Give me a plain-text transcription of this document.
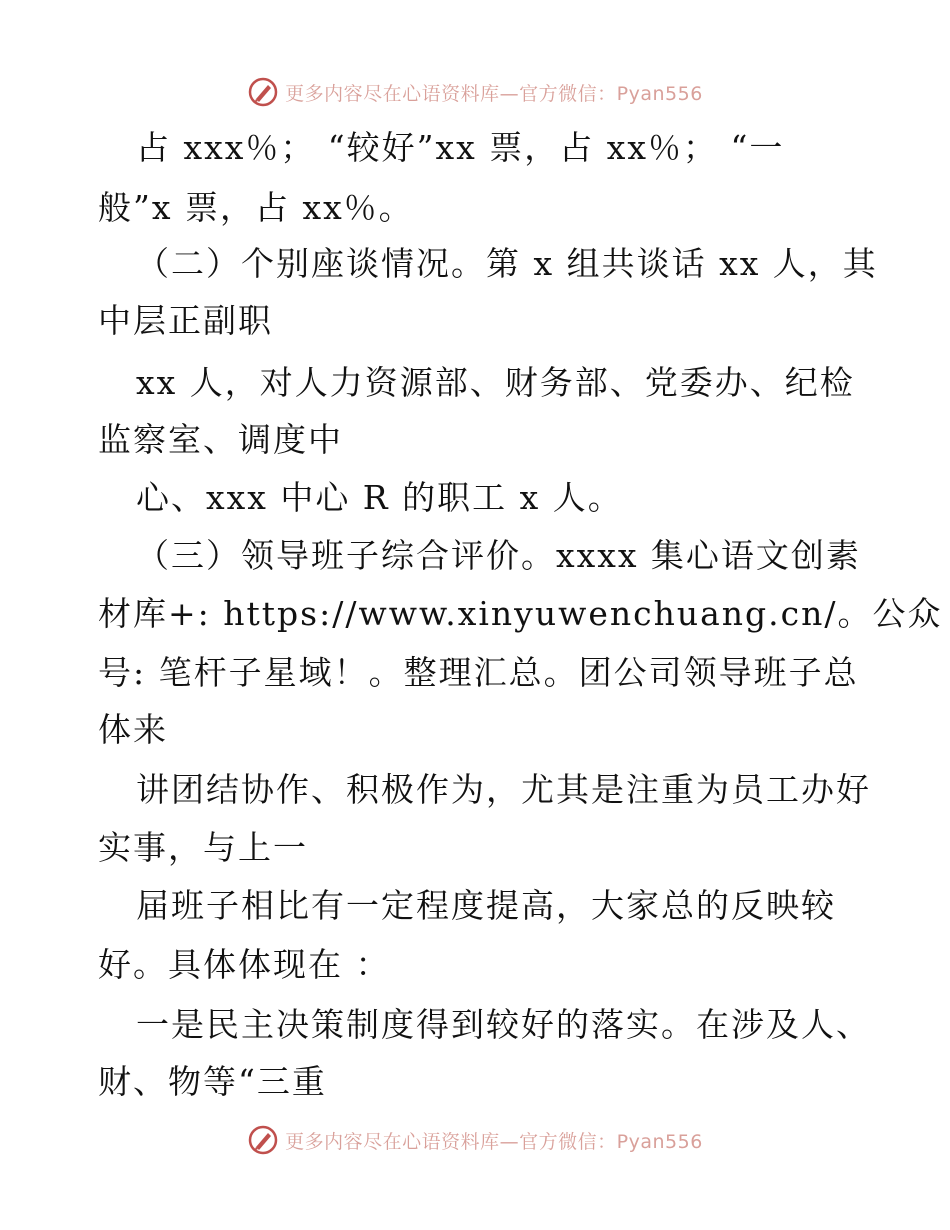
更多内容尽在心语资料库—官方微信：Pyan556
占 xxx％； “较好”xx 票，占 xx％； “一
般”x 票，占 xx％。
（二）个别座谈情况。第 x 组共谈话 xx 人，其
中层正副职
xx 人，对人力资源部、财务部、党委办、纪检
监察室、调度中
心、xxx 中心 R 的职工 x 人。
（三）领导班子综合评价。xxxx 集心语文创素
材库+: https://www.xinyuwenchuang.cn/。公众
号: 笔杆子星域！。整理汇总。团公司领导班子总
体来
讲团结协作、积极作为，尤其是注重为员工办好
实事，与上一
届班子相比有一定程度提高，大家总的反映较
好。具体体现在 ：
一是民主决策制度得到较好的落实。在涉及人、
财、物等“三重
更多内容尽在心语资料库—官方微信：Pyan556
